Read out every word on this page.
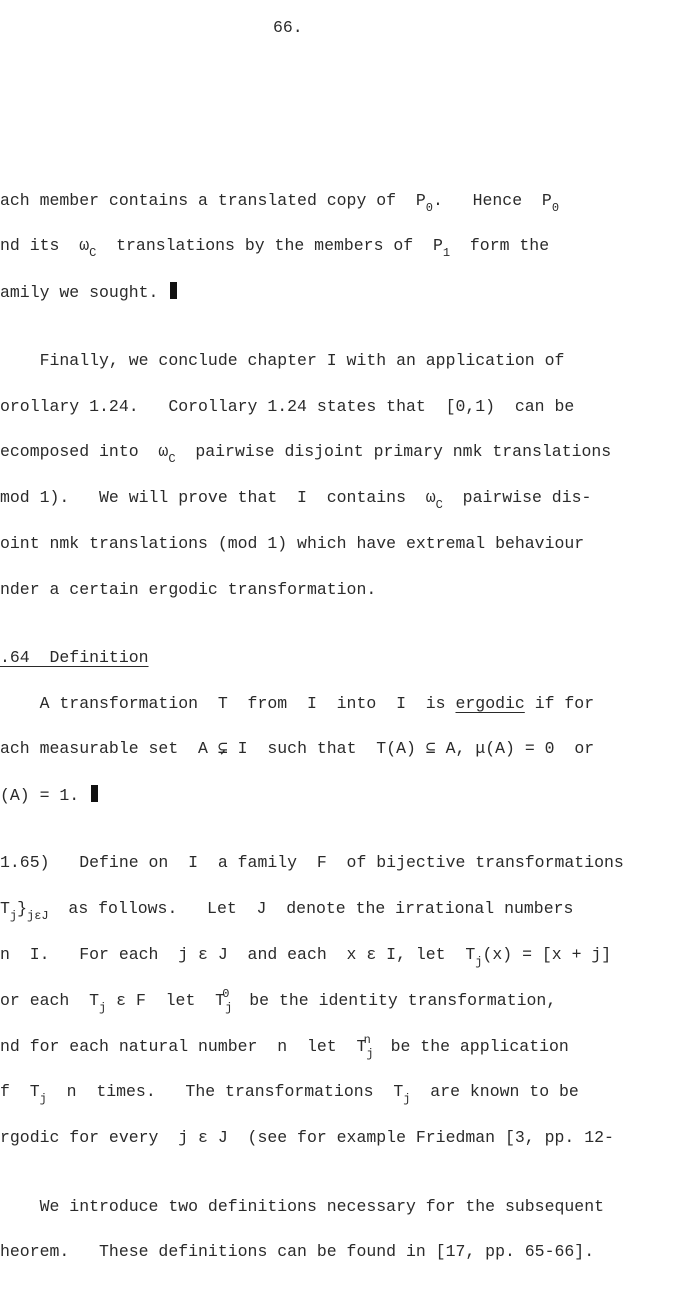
66.
ach member contains a translated copy of  $P_0$.   Hence  $P_0$
nd its  $\omega_C$  translations by the members of  $P_1$  form the
amily we sought.
Finally, we conclude chapter I with an application of
orollary 1.24.   Corollary 1.24 states that  [0,1)  can be
ecomposed into  $\omega_C$  pairwise disjoint primary nmk translations
mod 1).   We will prove that  I  contains  $\omega_C$  pairwise dis-
oint nmk translations (mod 1) which have extremal behaviour
nder a certain ergodic transformation.
.64  Definition
A transformation  T  from  I  into  I  is ergodic if for
ach measurable set  A ⊊ I  such that  T(A) ⊆ A, μ(A) = 0  or
(A) = 1.
1.65)   Define on  I  a family  F  of bijective transformations
$T_j\}_{j\varepsilon J}$  as follows.   Let  J  denote the irrational numbers
n  I.   For each  j ε J  and each  x ε I, let  $T_j(x) = [x + j]$
or each  $T_j$ ε F  let  $T_j^0$  be the identity transformation,
nd for each natural number  n  let  $T_j^n$  be the application
f  $T_j$  n  times.   The transformations  $T_j$  are known to be
rgodic for every  j ε J  (see for example Friedman [3, pp. 12-
We introduce two definitions necessary for the subsequent
heorem.   These definitions can be found in [17, pp. 65-66].
